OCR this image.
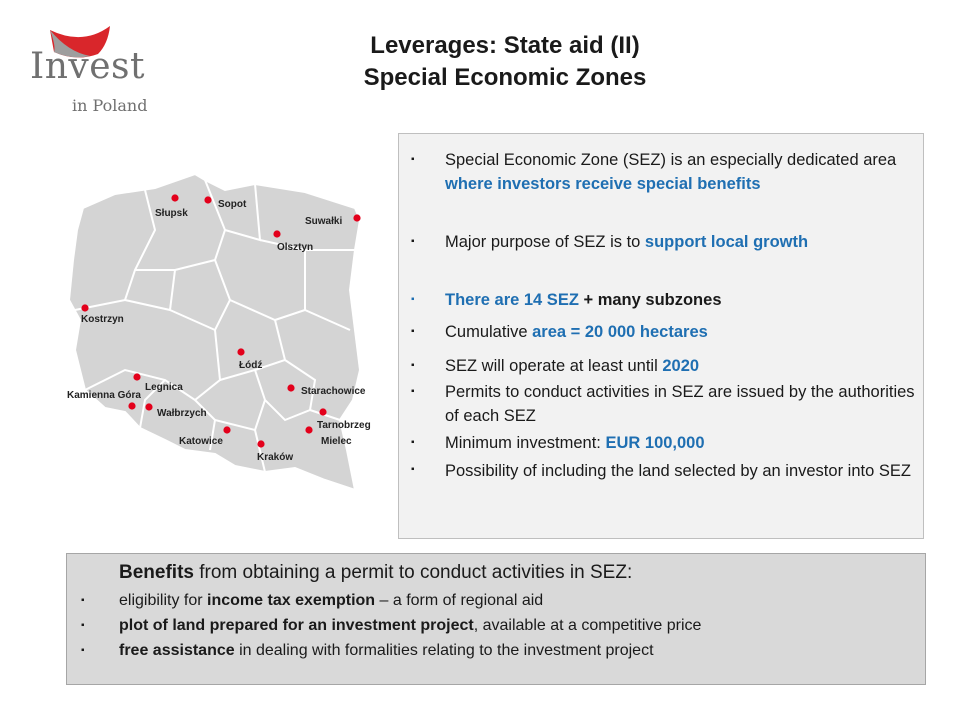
Invest
in Poland
Leverages: State aid (II)
Special Economic Zones
Słupsk
Sopot
Suwałki
Olsztyn
Kostrzyn
Łódź
Legnica
Kamienna Góra
Wałbrzych
Starachowice
Tarnobrzeg
Katowice
Kraków
Mielec
▪ Special Economic Zone (SEZ) is an especially dedicated area where investors receive special benefits
▪ Major purpose of SEZ is to support local growth
▪ There are 14 SEZ + many subzones
▪ Cumulative area = 20 000 hectares
▪ SEZ will operate at least until 2020
▪ Permits to conduct activities in SEZ are issued by the authorities of each SEZ
▪ Minimum investment: EUR 100,000
▪ Possibility of including the land selected by an investor into SEZ
Benefits from obtaining a permit to conduct activities in SEZ:
▪ eligibility for income tax exemption – a form of regional aid
▪ plot of land prepared for an investment project, available at a competitive price
▪ free assistance in dealing with formalities relating to the investment project
